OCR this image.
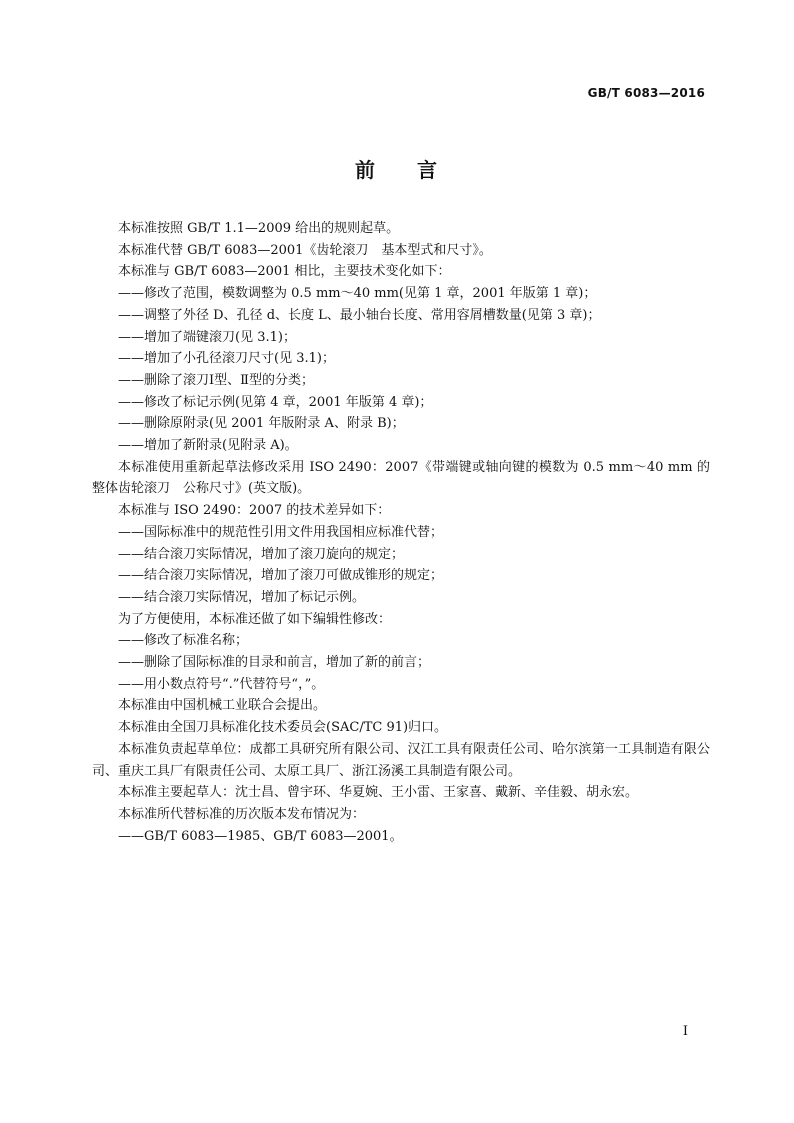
GB/T 6083—2016
前 言

本标准按照 GB/T 1.1—2009 给出的规则起草。

本标准代替 GB/T 6083—2001《齿轮滚刀　基本型式和尺寸》。

本标准与 GB/T 6083—2001 相比，主要技术变化如下：

——修改了范围，模数调整为 0.5 mm～40 mm(见第 1 章，2001 年版第 1 章)；

——调整了外径 D、孔径 d、长度 L、最小轴台长度、常用容屑槽数量(见第 3 章)；

——增加了端键滚刀(见 3.1)；

——增加了小孔径滚刀尺寸(见 3.1)；

——删除了滚刀Ⅰ型、Ⅱ型的分类；

——修改了标记示例(见第 4 章，2001 年版第 4 章)；

——删除原附录(见 2001 年版附录 A、附录 B)；

——增加了新附录(见附录 A)。

本标准使用重新起草法修改采用 ISO 2490：2007《带端键或轴向键的模数为 0.5 mm～40 mm 的整体齿轮滚刀　公称尺寸》(英文版)。

本标准与 ISO 2490：2007 的技术差异如下：

——国际标准中的规范性引用文件用我国相应标准代替；

——结合滚刀实际情况，增加了滚刀旋向的规定；

——结合滚刀实际情况，增加了滚刀可做成锥形的规定；

——结合滚刀实际情况，增加了标记示例。

为了方便使用，本标准还做了如下编辑性修改：

——修改了标准名称；

——删除了国际标准的目录和前言，增加了新的前言；

——用小数点符号“.”代替符号“，”。

本标准由中国机械工业联合会提出。

本标准由全国刀具标准化技术委员会(SAC/TC 91)归口。

本标准负责起草单位：成都工具研究所有限公司、汉江工具有限责任公司、哈尔滨第一工具制造有限公司、重庆工具厂有限责任公司、太原工具厂、浙江汤溪工具制造有限公司。

本标准主要起草人：沈士昌、曾宇环、华夏婉、王小雷、王家喜、戴新、辛佳毅、胡永宏。

本标准所代替标准的历次版本发布情况为：

——GB/T 6083—1985、GB/T 6083—2001。

I
